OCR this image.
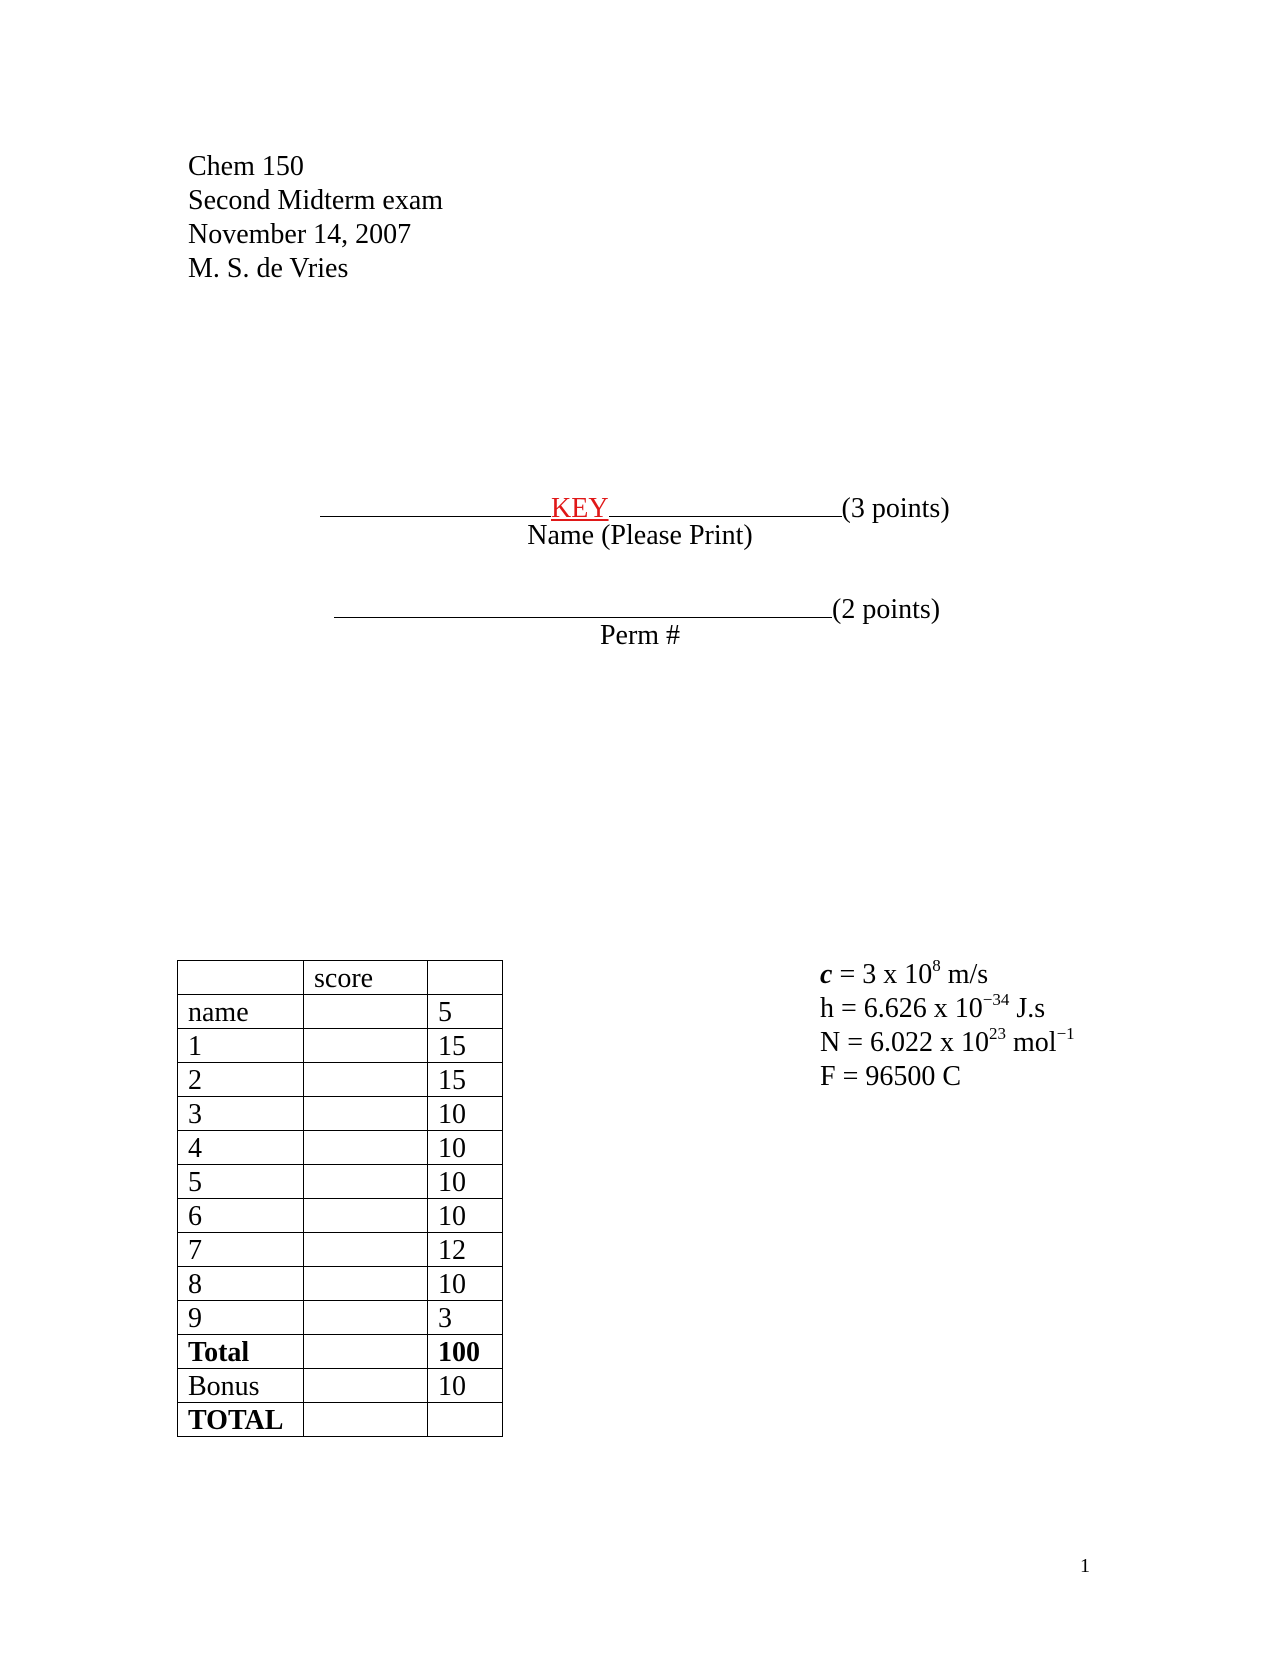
Chem 150
Second Midterm exam
November 14, 2007
M. S. de Vries
KEY	(3 points)
Name (Please Print)
(2 points)
Perm #
	score	
name		5
1		15
2		15
3		10
4		10
5		10
6		10
7		12
8		10
9		3
Total		100
Bonus		10
TOTAL		
c = 3 x $10^8$ m/s
h = 6.626 x $10^{-34}$ J.s
N = 6.022 x $10^{23}$ mol$^{-1}$
F = 96500 C
1
